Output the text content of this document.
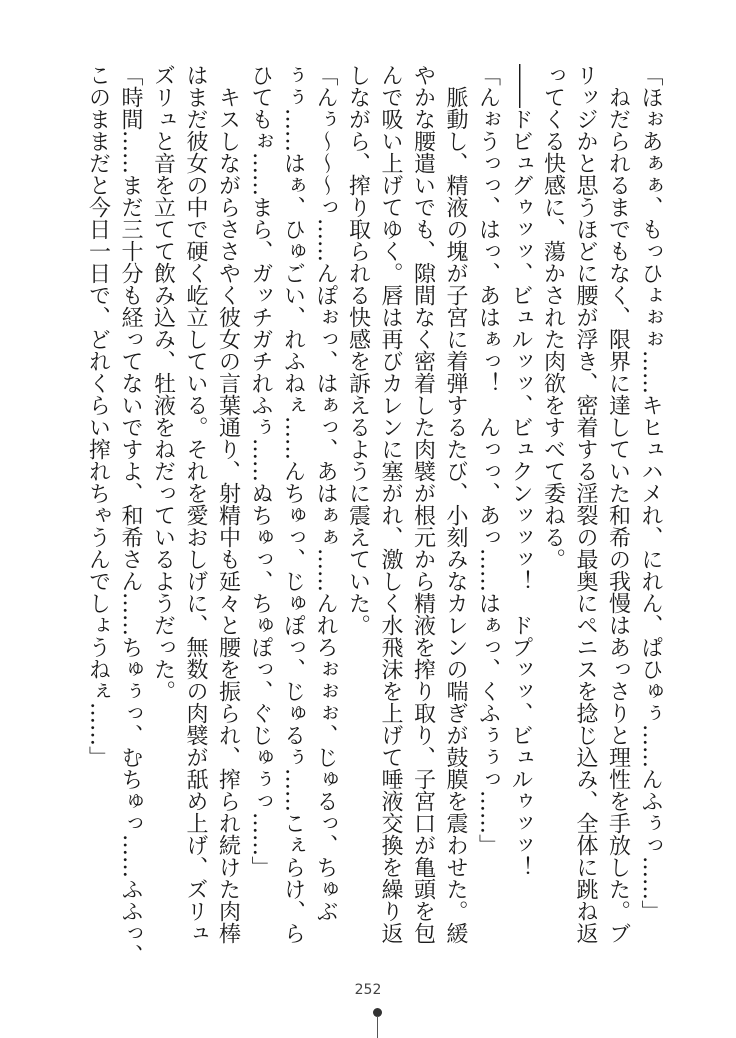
「ほぉあぁぁ、もっひょぉぉ……キヒュハメれ、にれん、ぱひゅぅ……んふぅっ……」
　ねだられるまでもなく、限界に達していた和希の我慢はあっさりと理性を手放した。ブ
リッジかと思うほどに腰が浮き、密着する淫裂の最奥にペニスを捻じ込み、全体に跳ね返
ってくる快感に、蕩かされた肉欲をすべて委ねる。
――ドビュグゥッッ、ビュルッッ、ビュクンッッッ！　ドプッッ、ビュルゥッッ！
「んぉうっっ、はっ、あはぁっ！　んっっ、あっ……はぁっ、くふぅぅっ……」
　脈動し、精液の塊が子宮に着弾するたび、小刻みなカレンの喘ぎが鼓膜を震わせた。緩
やかな腰遣いでも、隙間なく密着した肉襞が根元から精液を搾り取り、子宮口が亀頭を包
んで吸い上げてゆく。唇は再びカレンに塞がれ、激しく水飛沫を上げて唾液交換を繰り返
しながら、搾り取られる快感を訴えるように震えていた。
「んぅ～～～っ……んぽぉっ、はぁっ、あはぁぁ……んれろぉぉぉ、じゅるっ、ちゅぶ
ぅぅ……はぁ、ひゅごい、れふねぇ……んちゅっ、じゅぽっ、じゅるぅ……こぇらけ、ら
ひてもぉ……まら、ガッチガチれふぅ……ぬちゅっ、ちゅぽっ、ぐじゅぅっ……」
　キスしながらささやく彼女の言葉通り、射精中も延々と腰を振られ、搾られ続けた肉棒
はまだ彼女の中で硬く屹立している。それを愛おしげに、無数の肉襞が舐め上げ、ズリュ
ズリュと音を立てて飲み込み、牡液をねだっているようだった。
「時間……まだ三十分も経ってないですよ、和希さん……ちゅぅっ、むちゅっ……ふふっ、
このままだと今日一日で、どれくらい搾れちゃうんでしょうねぇ……」
252
